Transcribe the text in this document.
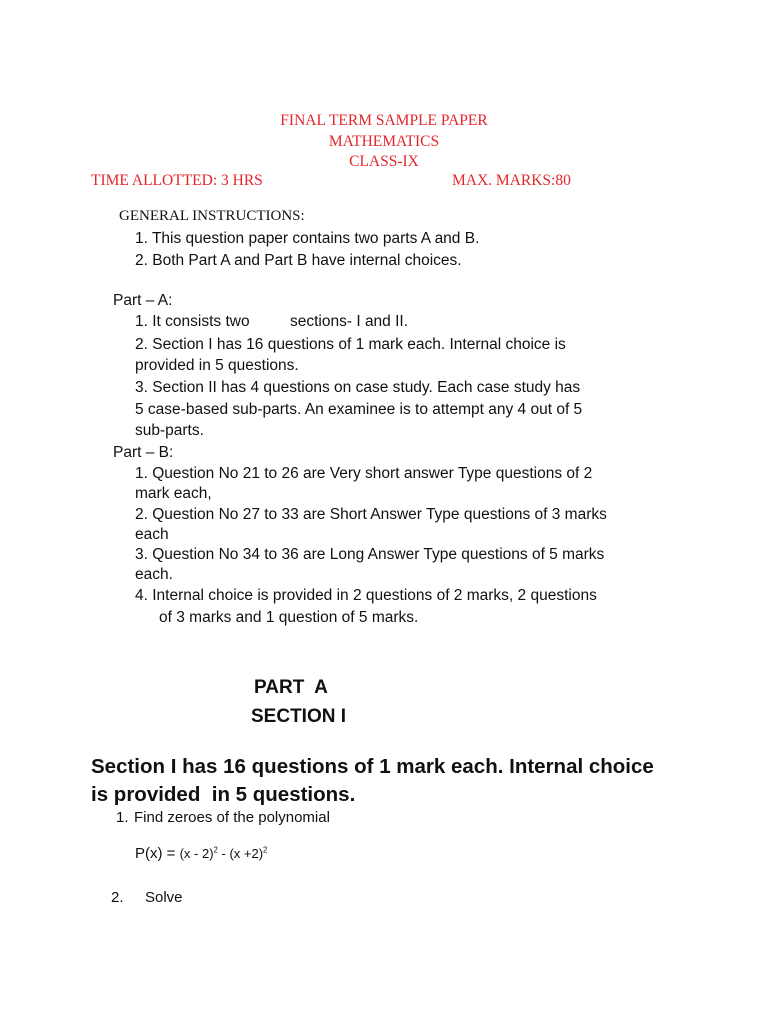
FINAL TERM SAMPLE PAPER
MATHEMATICS
CLASS-IX
TIME ALLOTTED: 3 HRS	MAX. MARKS:80
GENERAL INSTRUCTIONS:
1. This question paper contains two parts A and B.
2. Both Part A and Part B have internal choices.
Part – A:
1. It consists two	sections- I and II.
2. Section I has 16 questions of 1 mark each. Internal choice is
provided in 5 questions.
3. Section II has 4 questions on case study. Each case study has
5 case-based sub-parts. An examinee is to attempt any 4 out of 5
sub-parts.
Part – B:
1. Question No 21 to 26 are Very short answer Type questions of 2
mark each,
2. Question No 27 to 33 are Short Answer Type questions of 3 marks
each
3. Question No 34 to 36 are Long Answer Type questions of 5 marks
each.
4. Internal choice is provided in 2 questions of 2 marks, 2 questions
of 3 marks and 1 question of 5 marks.
PART  A
SECTION I
Section I has 16 questions of 1 mark each. Internal choice
is provided  in 5 questions.
1. Find zeroes of the polynomial
$P(x) = (x - 2)^2 - (x +2)^2$
2. Solve
